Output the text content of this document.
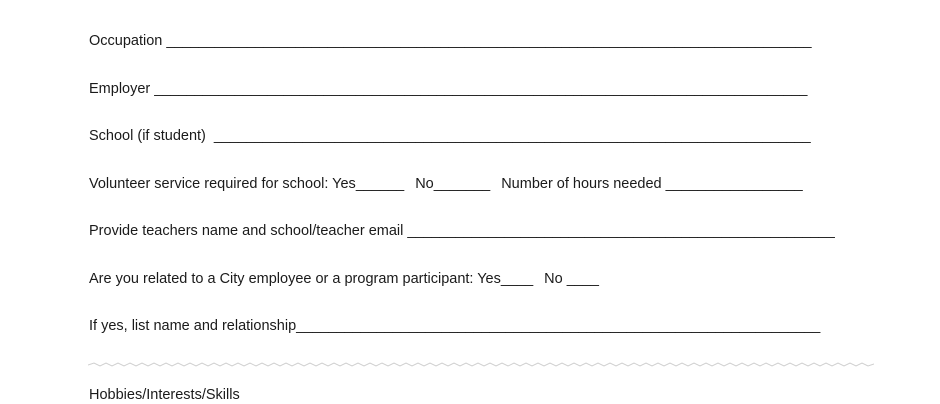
Occupation ________________________________________________________________________________
Employer _________________________________________________________________________________
School (if student)  __________________________________________________________________________
Volunteer service required for school: Yes______ No_______ Number of hours needed _________________
Provide teachers name and school/teacher email _____________________________________________________
Are you related to a City employee or a program participant: Yes____ No ____
If yes, list name and relationship_________________________________________________________________
Hobbies/Interests/Skills
